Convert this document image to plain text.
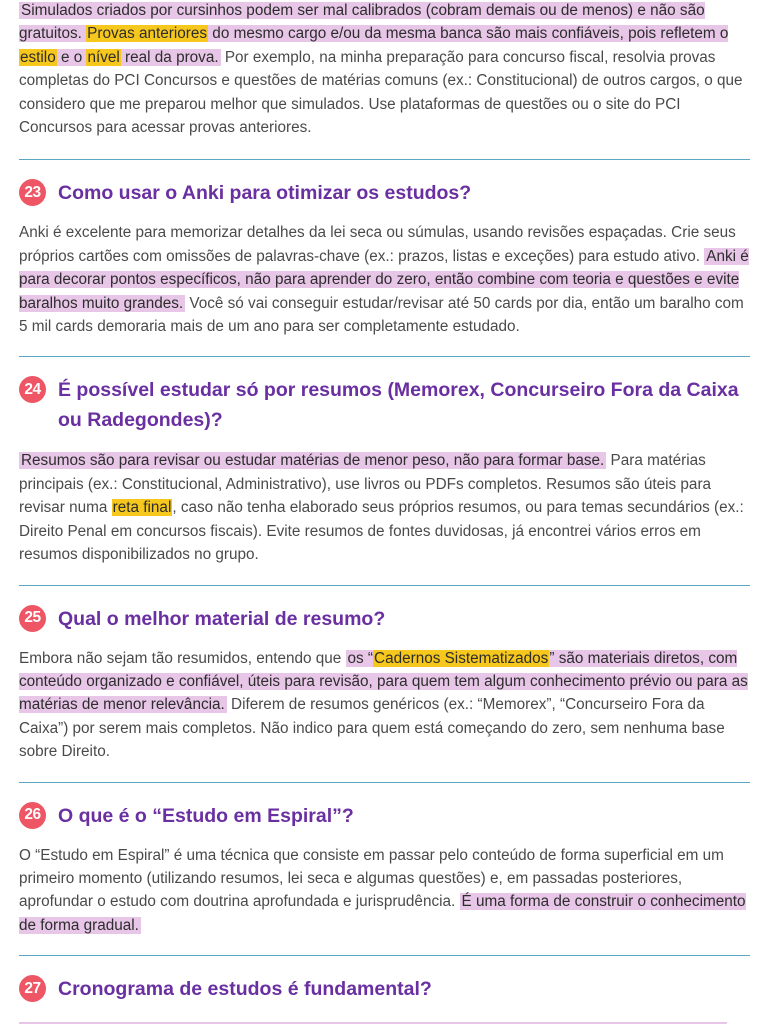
Simulados criados por cursinhos podem ser mal calibrados (cobram demais ou de menos) e não são gratuitos. Provas anteriores do mesmo cargo e/ou da mesma banca são mais confiáveis, pois refletem o estilo e o nível real da prova. Por exemplo, na minha preparação para concurso fiscal, resolvia provas completas do PCI Concursos e questões de matérias comuns (ex.: Constitucional) de outros cargos, o que considero que me preparou melhor que simulados. Use plataformas de questões ou o site do PCI Concursos para acessar provas anteriores.

23 Como usar o Anki para otimizar os estudos?

Anki é excelente para memorizar detalhes da lei seca ou súmulas, usando revisões espaçadas. Crie seus próprios cartões com omissões de palavras-chave (ex.: prazos, listas e exceções) para estudo ativo. Anki é para decorar pontos específicos, não para aprender do zero, então combine com teoria e questões e evite baralhos muito grandes. Você só vai conseguir estudar/revisar até 50 cards por dia, então um baralho com 5 mil cards demoraria mais de um ano para ser completamente estudado.

24 É possível estudar só por resumos (Memorex, Concurseiro Fora da Caixa ou Radegondes)?

Resumos são para revisar ou estudar matérias de menor peso, não para formar base. Para matérias principais (ex.: Constitucional, Administrativo), use livros ou PDFs completos. Resumos são úteis para revisar numa reta final, caso não tenha elaborado seus próprios resumos, ou para temas secundários (ex.: Direito Penal em concursos fiscais). Evite resumos de fontes duvidosas, já encontrei vários erros em resumos disponibilizados no grupo.

25 Qual o melhor material de resumo?

Embora não sejam tão resumidos, entendo que os “Cadernos Sistematizados” são materiais diretos, com conteúdo organizado e confiável, úteis para revisão, para quem tem algum conhecimento prévio ou para as matérias de menor relevância. Diferem de resumos genéricos (ex.: “Memorex”, “Concurseiro Fora da Caixa”) por serem mais completos. Não indico para quem está começando do zero, sem nenhuma base sobre Direito.

26 O que é o “Estudo em Espiral”?

O “Estudo em Espiral” é uma técnica que consiste em passar pelo conteúdo de forma superficial em um primeiro momento (utilizando resumos, lei seca e algumas questões) e, em passadas posteriores, aprofundar o estudo com doutrina aprofundada e jurisprudência. É uma forma de construir o conhecimento de forma gradual.

27 Cronograma de estudos é fundamental?
